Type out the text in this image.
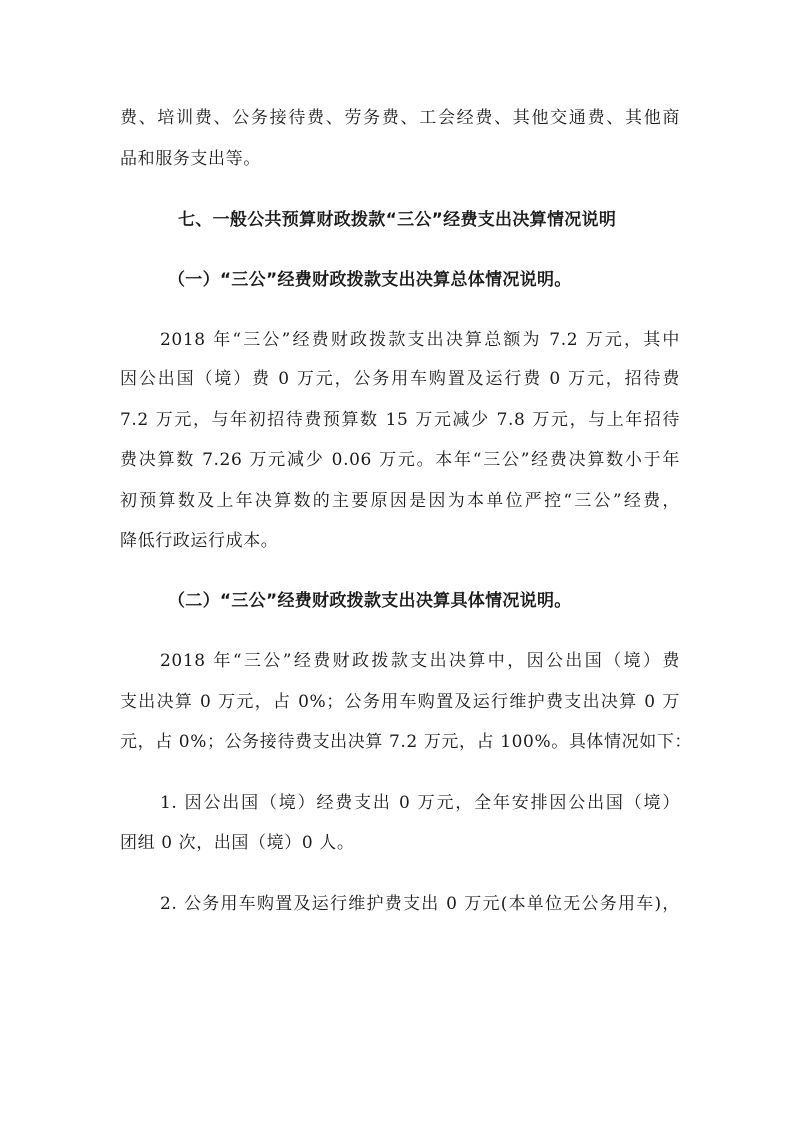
费、培训费、公务接待费、劳务费、工会经费、其他交通费、其他商
品和服务支出等。
七、一般公共预算财政拨款“三公”经费支出决算情况说明
（一）“三公”经费财政拨款支出决算总体情况说明。
2018 年“三公”经费财政拨款支出决算总额为 7.2 万元，其中
因公出国（境）费 0 万元，公务用车购置及运行费 0 万元，招待费
7.2 万元，与年初招待费预算数 15 万元减少 7.8 万元，与上年招待
费决算数 7.26 万元减少 0.06 万元。本年“三公”经费决算数小于年
初预算数及上年决算数的主要原因是因为本单位严控“三公”经费，
降低行政运行成本。
（二）“三公”经费财政拨款支出决算具体情况说明。
2018 年“三公”经费财政拨款支出决算中，因公出国（境）费
支出决算 0 万元，占 0%；公务用车购置及运行维护费支出决算 0 万
元，占 0%；公务接待费支出决算 7.2 万元，占 100%。具体情况如下：
1. 因公出国（境）经费支出 0 万元，全年安排因公出国（境）
团组 0 次，出国（境）0 人。
2. 公务用车购置及运行维护费支出 0 万元(本单位无公务用车)，
